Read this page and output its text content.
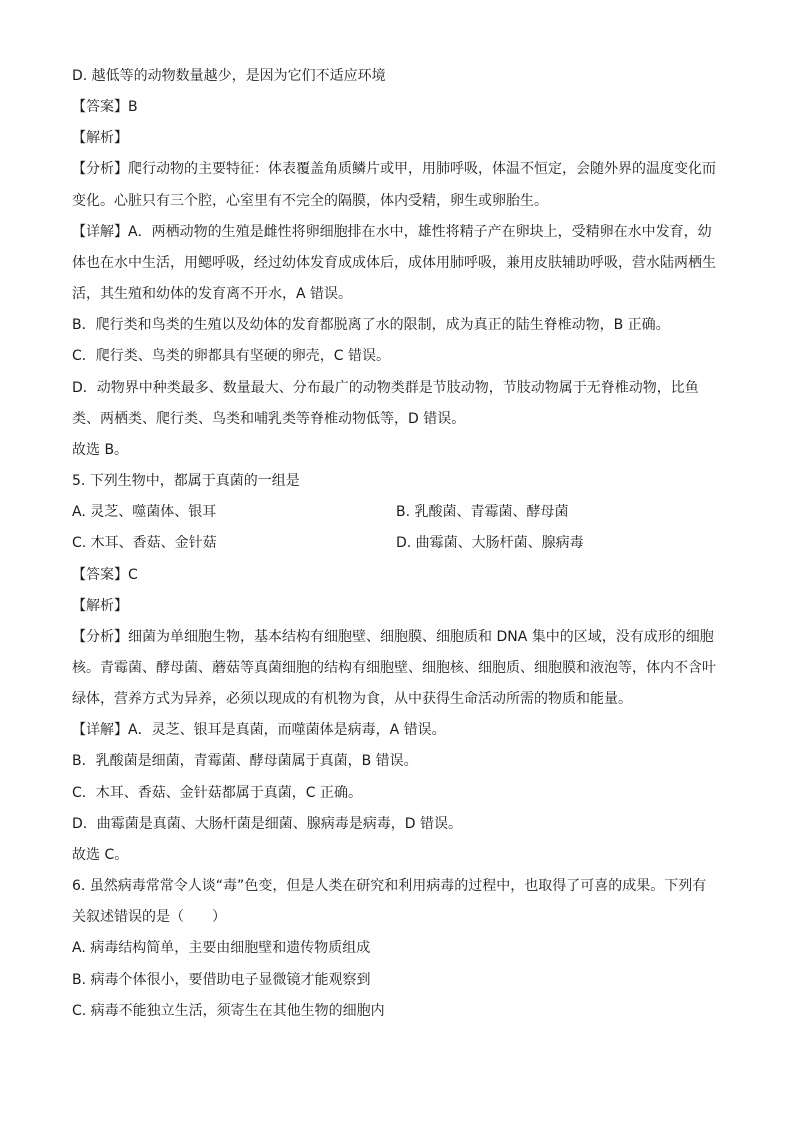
D. 越低等的动物数量越少，是因为它们不适应环境
【答案】B
【解析】
【分析】爬行动物的主要特征：体表覆盖角质鳞片或甲，用肺呼吸，体温不恒定，会随外界的温度变化而
变化。心脏只有三个腔，心室里有不完全的隔膜，体内受精，卵生或卵胎生。
【详解】A．两栖动物的生殖是雌性将卵细胞排在水中，雄性将精子产在卵块上，受精卵在水中发育，幼
体也在水中生活，用鳃呼吸，经过幼体发育成成体后，成体用肺呼吸，兼用皮肤辅助呼吸，营水陆两栖生
活，其生殖和幼体的发育离不开水，A 错误。
B．爬行类和鸟类的生殖以及幼体的发育都脱离了水的限制，成为真正的陆生脊椎动物，B 正确。
C．爬行类、鸟类的卵都具有坚硬的卵壳，C 错误。
D．动物界中种类最多、数量最大、分布最广的动物类群是节肢动物，节肢动物属于无脊椎动物，比鱼
类、两栖类、爬行类、鸟类和哺乳类等脊椎动物低等，D 错误。
故选 B。
5. 下列生物中，都属于真菌的一组是
A. 灵芝、噬菌体、银耳	B. 乳酸菌、青霉菌、酵母菌
C. 木耳、香菇、金针菇	D. 曲霉菌、大肠杆菌、腺病毒
【答案】C
【解析】
【分析】细菌为单细胞生物，基本结构有细胞壁、细胞膜、细胞质和 DNA 集中的区域，没有成形的细胞
核。青霉菌、酵母菌、蘑菇等真菌细胞的结构有细胞壁、细胞核、细胞质、细胞膜和液泡等，体内不含叶
绿体，营养方式为异养，必须以现成的有机物为食，从中获得生命活动所需的物质和能量。
【详解】A．灵芝、银耳是真菌，而噬菌体是病毒，A 错误。
B．乳酸菌是细菌，青霉菌、酵母菌属于真菌，B 错误。
C．木耳、香菇、金针菇都属于真菌，C 正确。
D．曲霉菌是真菌、大肠杆菌是细菌、腺病毒是病毒，D 错误。
故选 C。
6. 虽然病毒常常令人谈“毒”色变，但是人类在研究和利用病毒的过程中，也取得了可喜的成果。下列有
关叙述错误的是（　　）
A. 病毒结构简单，主要由细胞壁和遗传物质组成
B. 病毒个体很小，要借助电子显微镜才能观察到
C. 病毒不能独立生活，须寄生在其他生物的细胞内
